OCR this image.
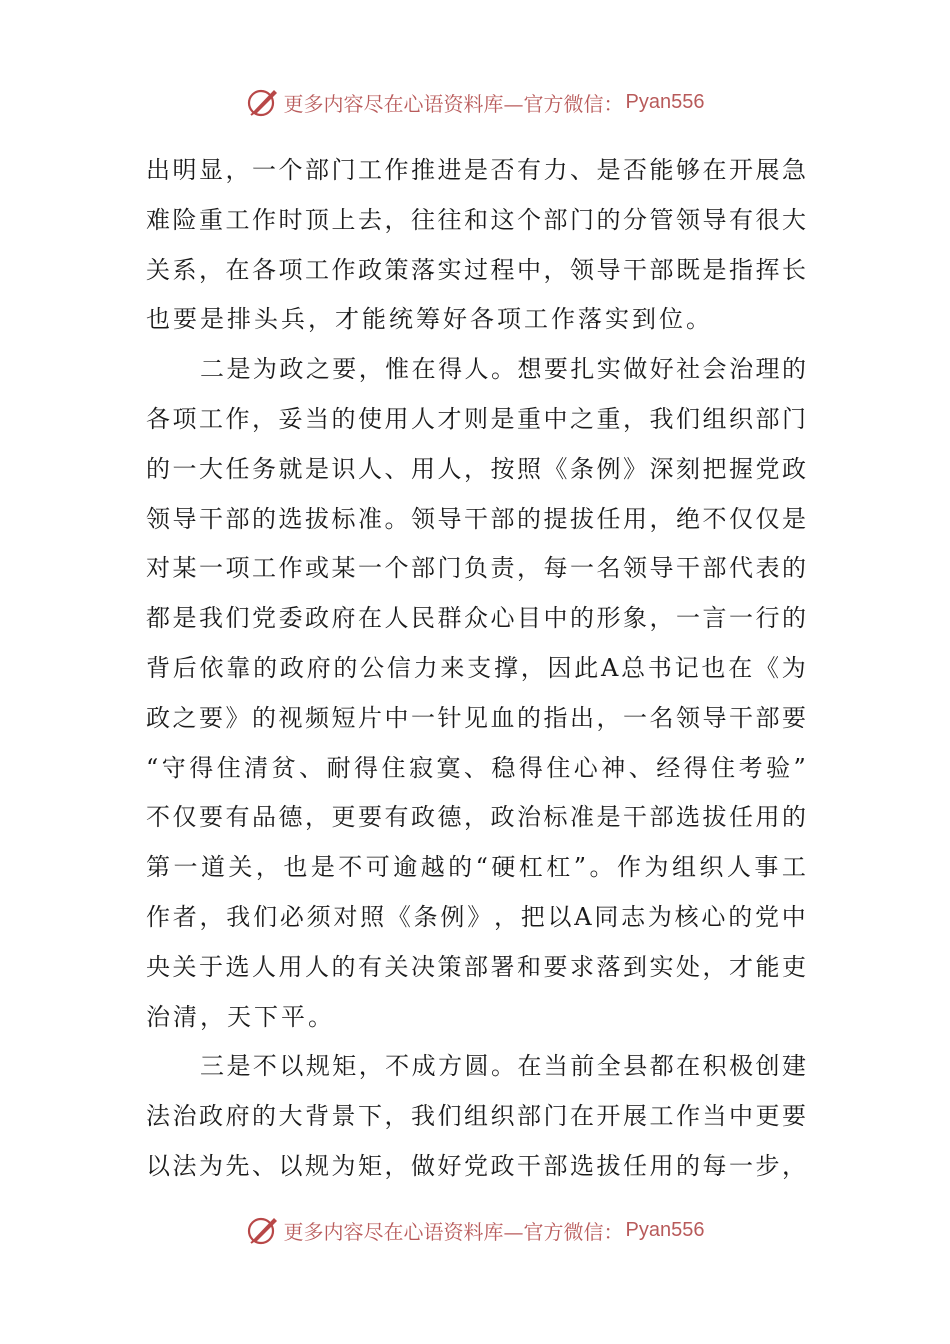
更多内容尽在心语资料库—官方微信： Pyan556
出 明 显 ， 一 个 部 门 工 作 推 进 是 否 有 力 、 是 否 能 够 在 开 展 急
难 险 重 工 作 时 顶 上 去 ， 往 往 和 这 个 部 门 的 分 管 领 导 有 很 大
关 系 ， 在 各 项 工 作 政 策 落 实 过 程 中 ， 领 导 干 部 既 是 指 挥 长
也要是排头兵，才能统筹好各项工作落实到位。
二 是 为 政 之 要 ， 惟 在 得 人 。 想 要 扎 实 做 好 社 会 治 理 的
各 项 工 作 ， 妥 当 的 使 用 人 才 则 是 重 中 之 重 ， 我 们 组 织 部 门
的 一 大 任 务 就 是 识 人 、 用 人 ， 按 照 《 条 例 》 深 刻 把 握 党 政
领 导 干 部 的 选 拔 标 准 。 领 导 干 部 的 提 拔 任 用 ， 绝 不 仅 仅 是
对 某 一 项 工 作 或 某 一 个 部 门 负 责 ， 每 一 名 领 导 干 部 代 表 的
都 是 我 们 党 委 政 府 在 人 民 群 众 心 目 中 的 形 象 ， 一 言 一 行 的
背 后 依 靠 的 政 府 的 公 信 力 来 支 撑 ， 因 此 A 总 书 记 也 在 《 为
政 之 要 》 的 视 频 短 片 中 一 针 见 血 的 指 出 ， 一 名 领 导 干 部 要
“ 守 得 住 清 贫 、 耐 得 住 寂 寞 、 稳 得 住 心 神 、 经 得 住 考 验 ”
不 仅 要 有 品 德 ， 更 要 有 政 德 ， 政 治 标 准 是 干 部 选 拔 任 用 的
第 一 道 关 ， 也 是 不 可 逾 越 的 “ 硬 杠 杠 ” 。 作 为 组 织 人 事 工
作 者 ， 我 们 必 须 对 照 《 条 例 》 ， 把 以 A 同 志 为 核 心 的 党 中
央 关 于 选 人 用 人 的 有 关 决 策 部 署 和 要 求 落 到 实 处 ， 才 能 吏
治清，天下平。
三 是 不 以 规 矩 ， 不 成 方 圆 。 在 当 前 全 县 都 在 积 极 创 建
法 治 政 府 的 大 背 景 下 ， 我 们 组 织 部 门 在 开 展 工 作 当 中 更 要
以 法 为 先 、 以 规 为 矩 ， 做 好 党 政 干 部 选 拔 任 用 的 每 一 步 ，
更多内容尽在心语资料库—官方微信： Pyan556
